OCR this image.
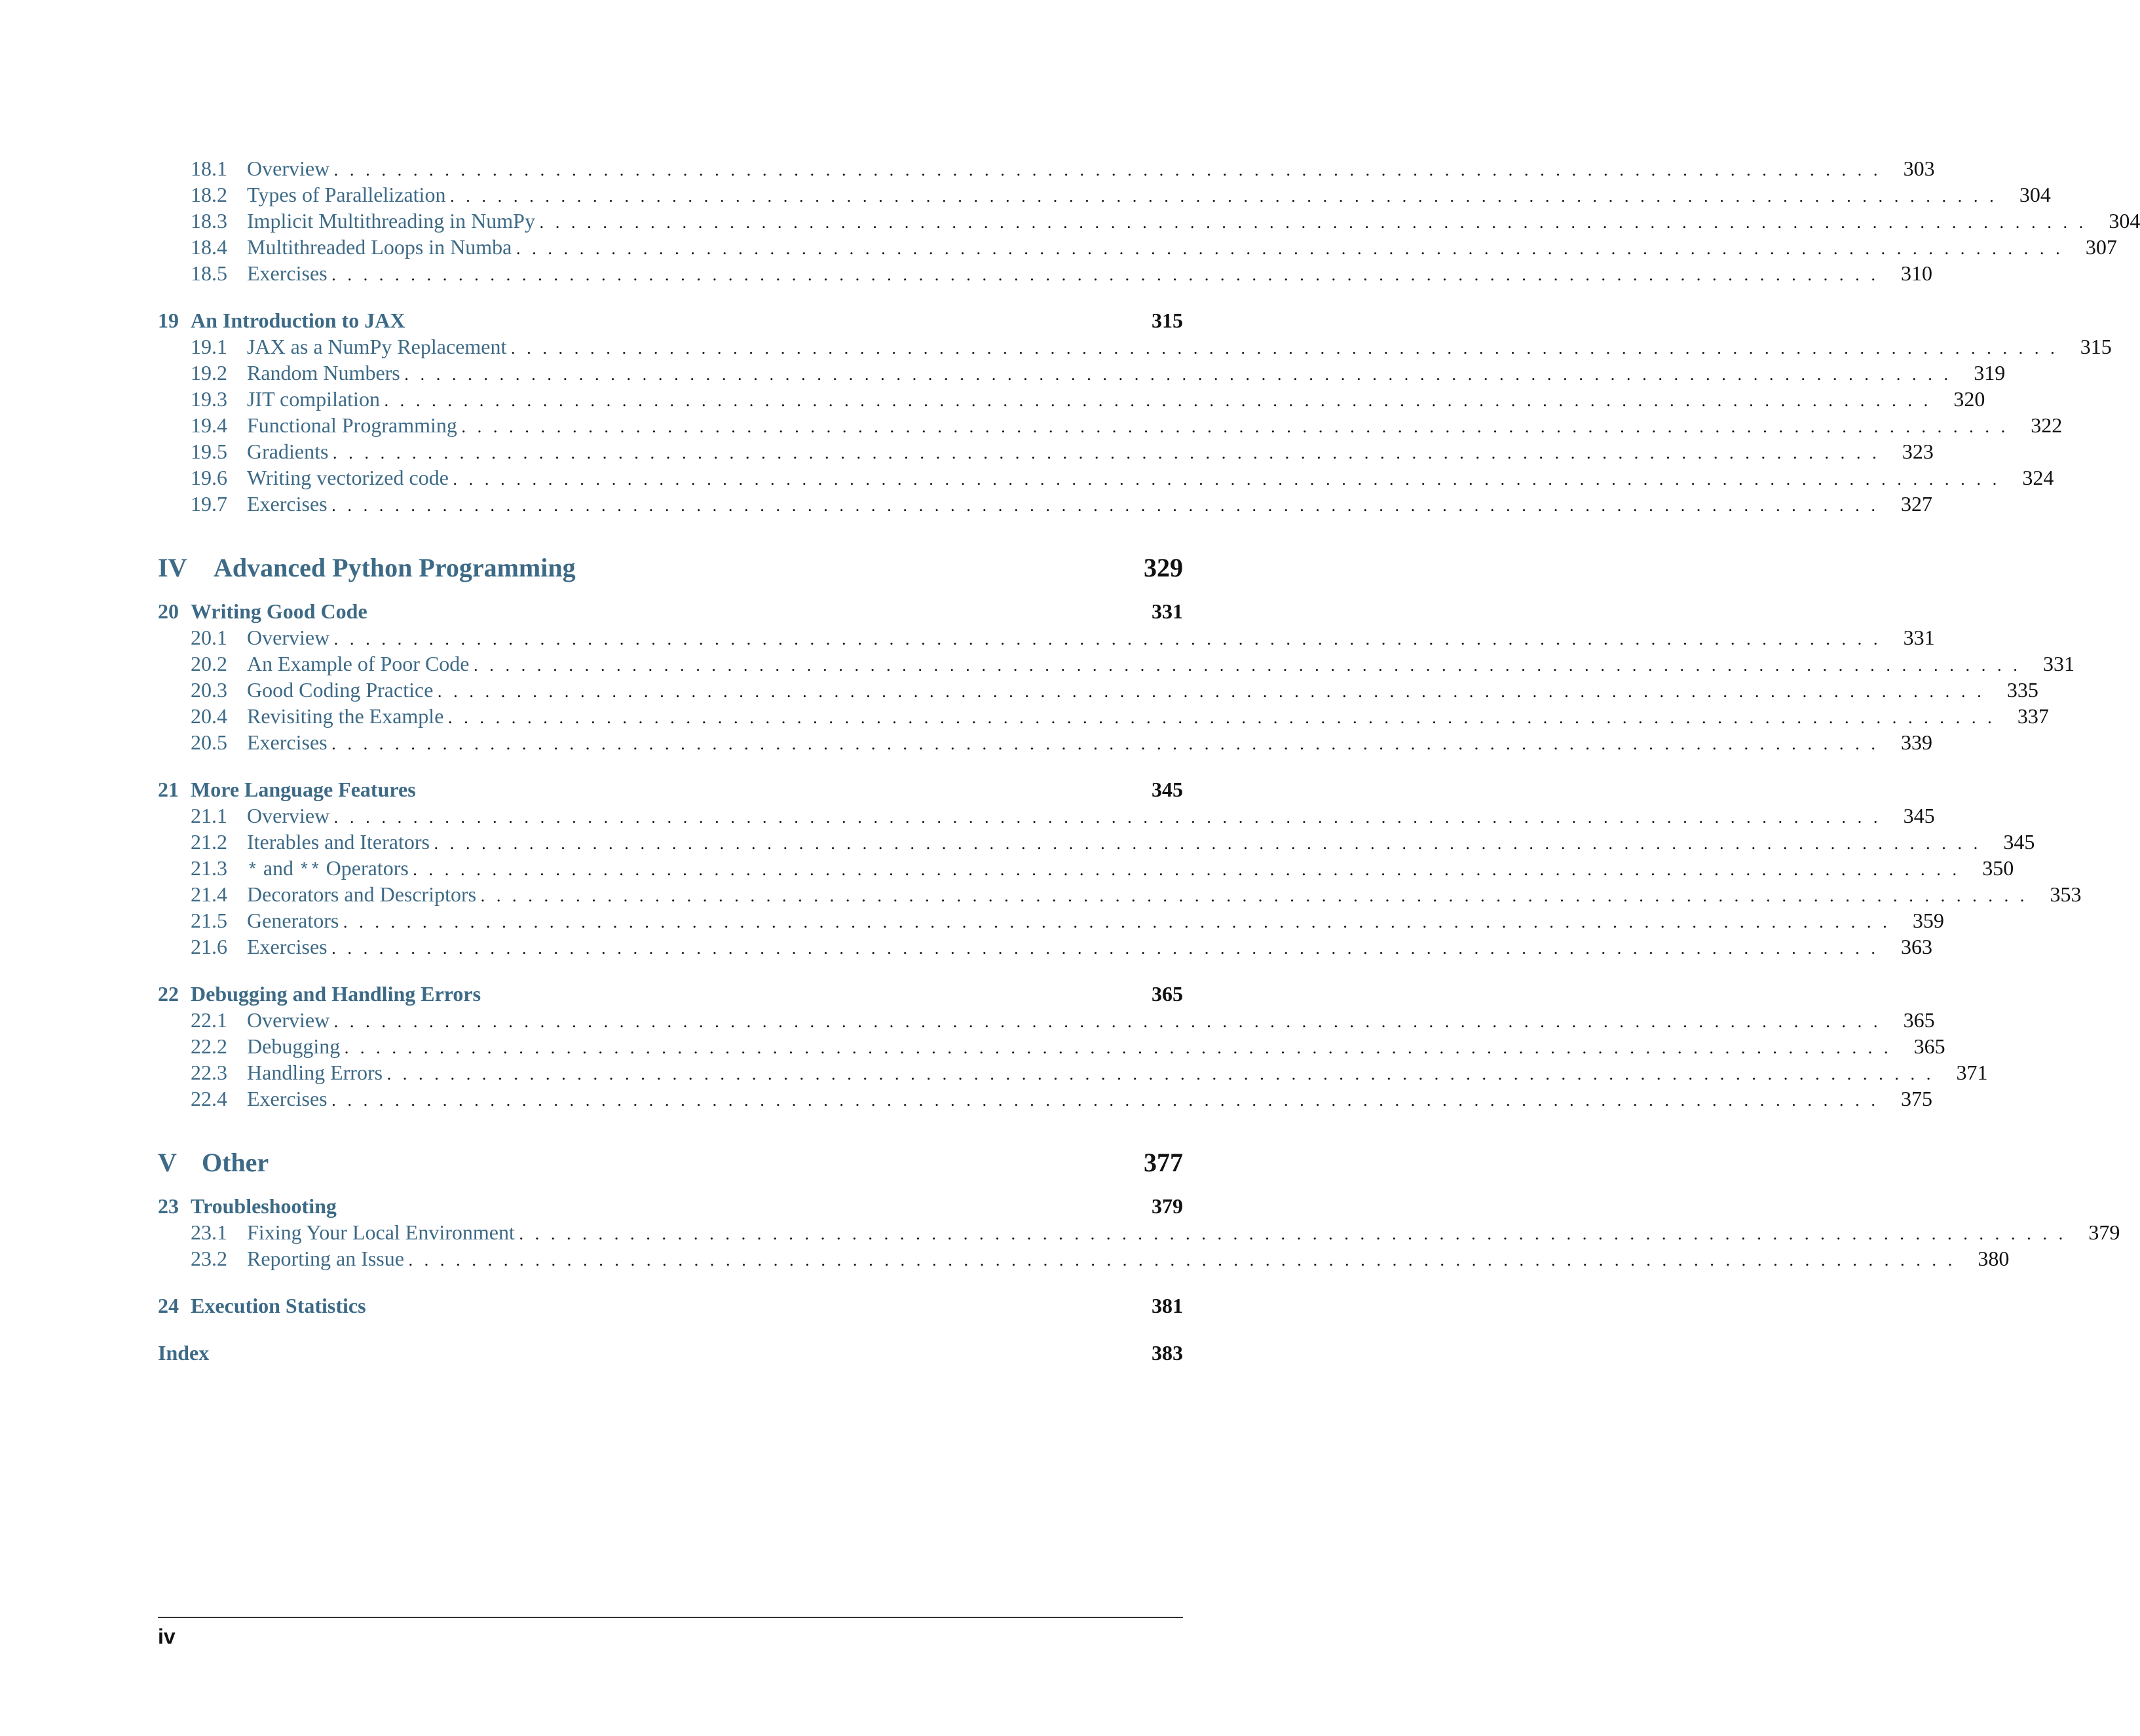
18.1 Overview .................................................................................................. 303
18.2 Types of Parallelization .................................................................................................. 304
18.3 Implicit Multithreading in NumPy .................................................................................................. 304
18.4 Multithreaded Loops in Numba .................................................................................................. 307
18.5 Exercises .................................................................................................. 310
19 An Introduction to JAX	315
19.1 JAX as a NumPy Replacement .................................................................................................. 315
19.2 Random Numbers .................................................................................................. 319
19.3 JIT compilation .................................................................................................. 320
19.4 Functional Programming .................................................................................................. 322
19.5 Gradients .................................................................................................. 323
19.6 Writing vectorized code .................................................................................................. 324
19.7 Exercises .................................................................................................. 327
IV	Advanced Python Programming	329
20 Writing Good Code	331
20.1 Overview .................................................................................................. 331
20.2 An Example of Poor Code .................................................................................................. 331
20.3 Good Coding Practice .................................................................................................. 335
20.4 Revisiting the Example .................................................................................................. 337
20.5 Exercises .................................................................................................. 339
21 More Language Features	345
21.1 Overview .................................................................................................. 345
21.2 Iterables and Iterators .................................................................................................. 345
21.3	* and ** Operators .................................................................................................. 350
21.4 Decorators and Descriptors .................................................................................................. 353
21.5 Generators .................................................................................................. 359
21.6 Exercises .................................................................................................. 363
22 Debugging and Handling Errors	365
22.1 Overview .................................................................................................. 365
22.2 Debugging .................................................................................................. 365
22.3 Handling Errors .................................................................................................. 371
22.4 Exercises .................................................................................................. 375
V Other	377
23 Troubleshooting	379
23.1 Fixing Your Local Environment .................................................................................................. 379
23.2 Reporting an Issue .................................................................................................. 380
24 Execution Statistics	381
Index	383
iv
